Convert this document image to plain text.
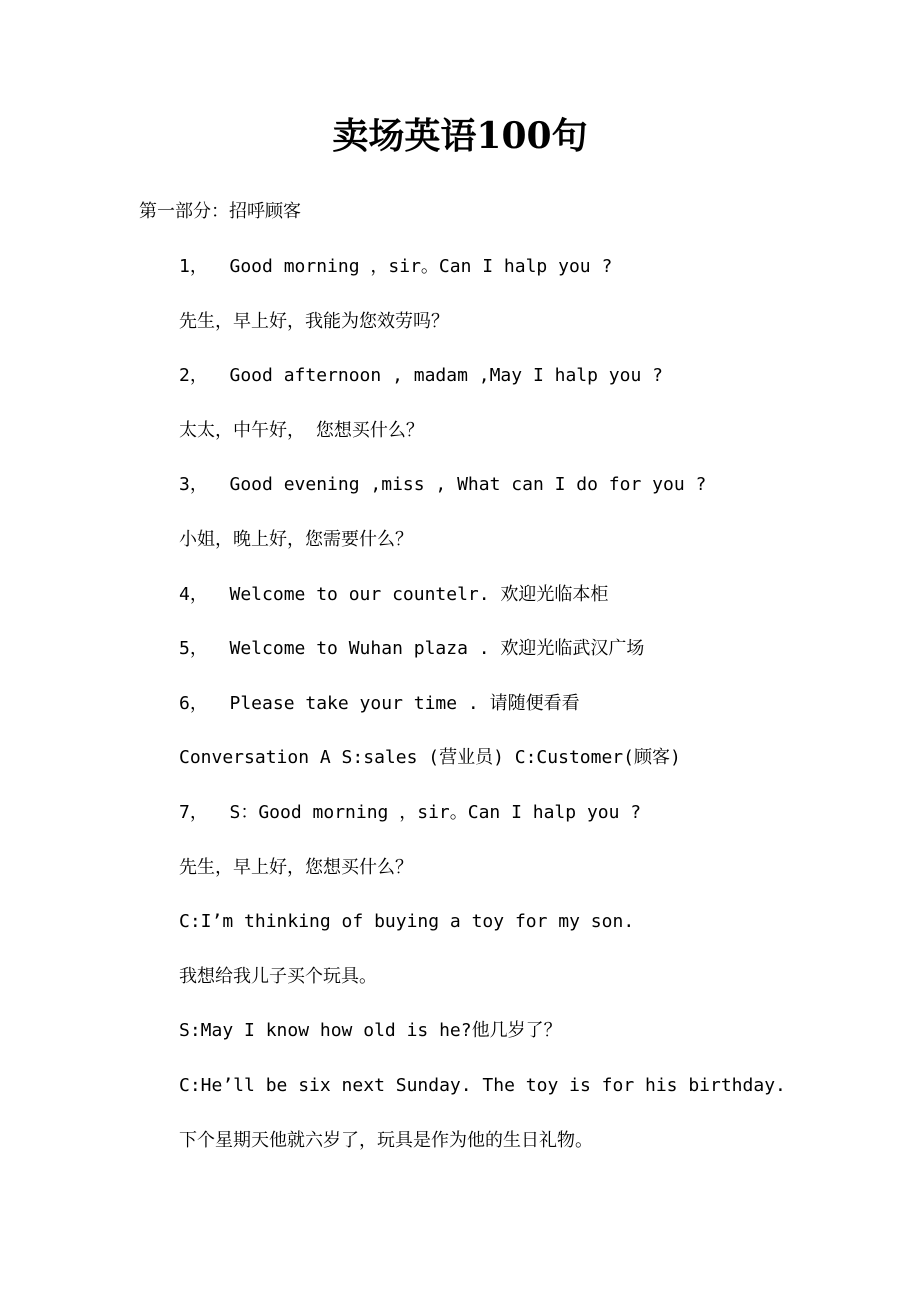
卖场英语100句

第一部分：招呼顾客

1，  Good morning ，sir。Can I halp you ?
先生，早上好，我能为您效劳吗？
2，  Good afternoon , madam ,May I halp you ?
太太，中午好， 您想买什么？
3，  Good evening ,miss , What can I do for you ?
小姐，晚上好，您需要什么？
4，  Welcome to our countelr. 欢迎光临本柜
5，  Welcome to Wuhan plaza . 欢迎光临武汉广场
6，  Please take your time . 请随便看看
Conversation A S:sales (营业员) C:Customer(顾客)
7，  S：Good morning ，sir。Can I halp you ?
先生，早上好，您想买什么？
C:I’m thinking of buying a toy for my son.
我想给我儿子买个玩具。
S:May I know how old is he?他几岁了？
C:He’ll be six next Sunday. The toy is for his birthday.
下个星期天他就六岁了，玩具是作为他的生日礼物。
